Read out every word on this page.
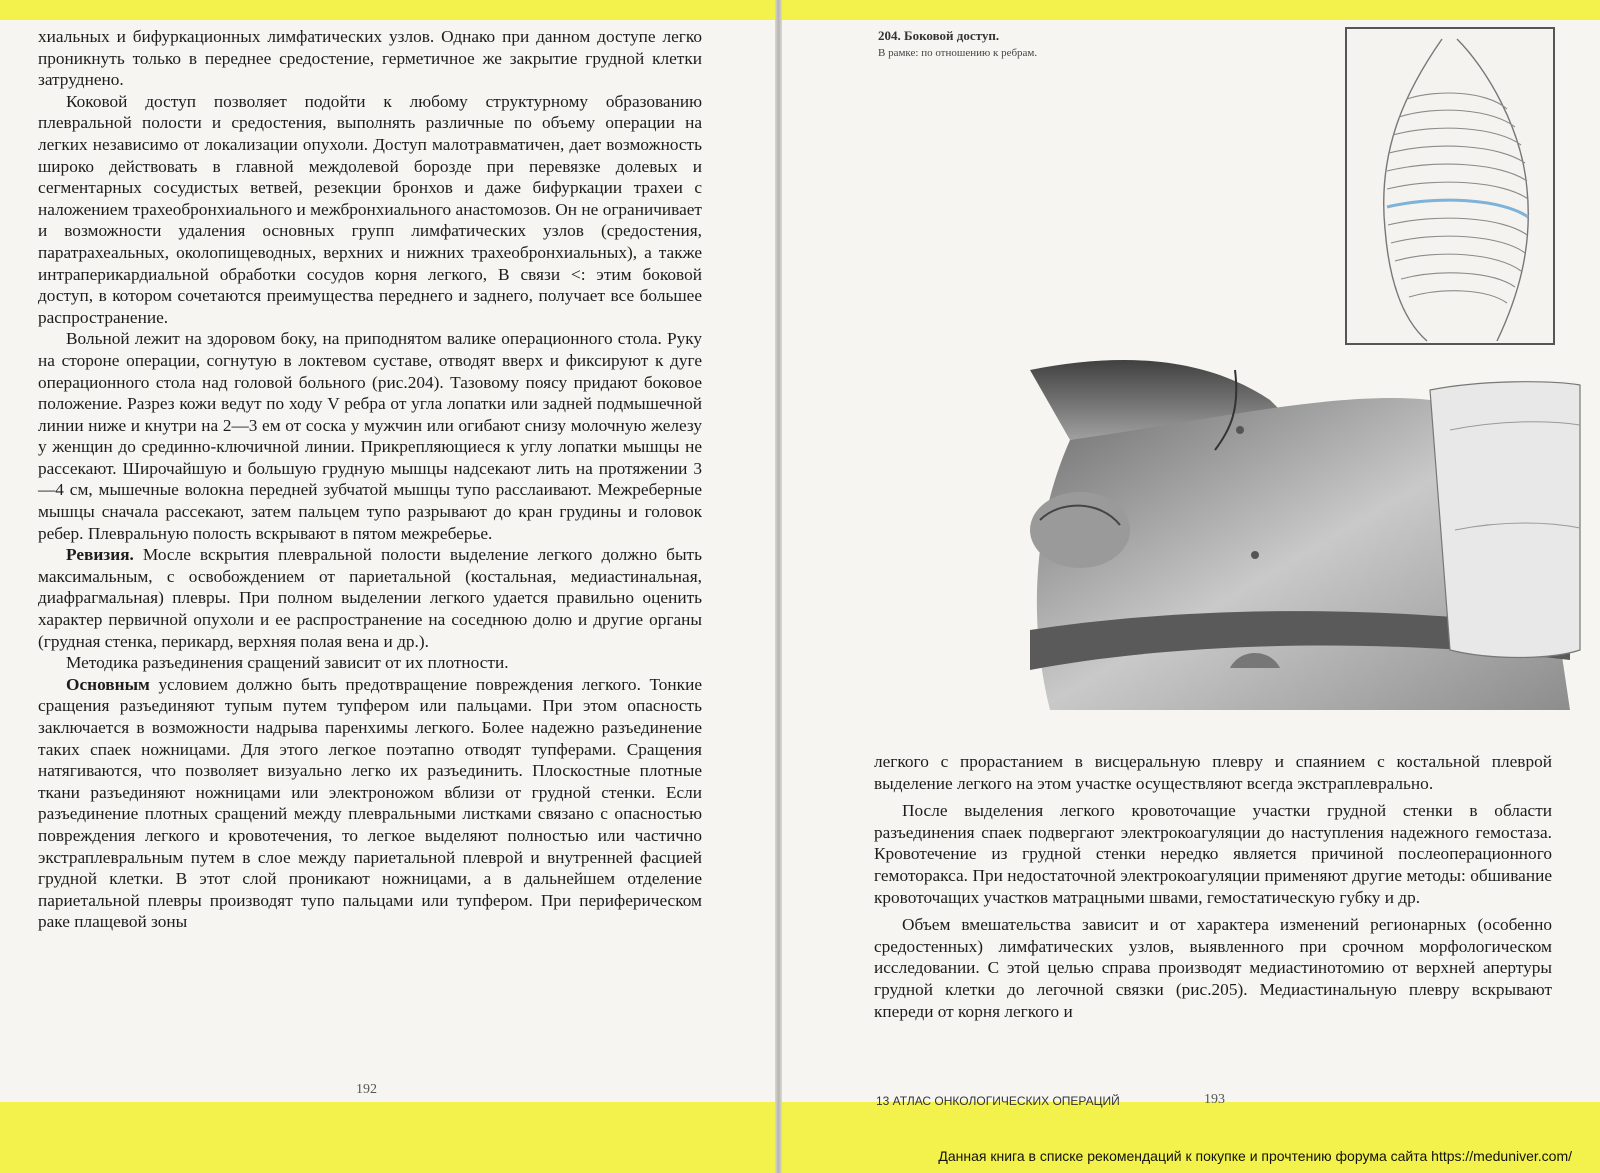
хиальных и бифуркационных лимфатических узлов. Однако при данном доступе легко проникнуть только в переднее средостение, герметичное же закрытие грудной клетки затруднено.

Коковой доступ позволяет подойти к любому структурному образованию плевральной полости и средостения, выполнять различные по объему операции на легких независимо от локализации опухоли. Доступ малотравматичен, дает возможность широко действовать в главной междолевой борозде при перевязке долевых и сегментарных сосудистых ветвей, резекции бронхов и даже бифуркации трахеи с наложением трахеобронхиального и межбронхиального анастомозов. Он не ограничивает и возможности удаления основных групп лимфатических узлов (средостения, паратрахеальных, околопищеводных, верхних и нижних трахеобронхиальных), а также интраперикардиальной обработки сосудов корня легкого, В связи <: этим боковой доступ, в котором сочетаются преимущества переднего и заднего, получает все большее распространение.

Вольной лежит на здоровом боку, на приподнятом валике операционного стола. Руку на стороне операции, согнутую в локтевом суставе, отводят вверх и фиксируют к дуге операционного стола над головой больного (рис.204). Тазовому поясу придают боковое положение. Разрез кожи ведут по ходу V ребра от угла лопатки или задней подмышечной линии ниже и кнутри на 2—3 ем от соска у мужчин или огибают снизу молочную железу у женщин до срединно-ключичной линии. Прикрепляющиеся к углу лопатки мышцы не рассекают. Широчайшую и большую грудную мышцы надсекают лить на протяжении 3—4 см, мышечные волокна передней зубчатой мышцы тупо расслаивают. Межреберные мышцы сначала рассекают, затем пальцем тупо разрывают до кран грудины и головок ребер. Плевральную полость вскрывают в пятом межреберье.

Ревизия. Мосле вскрытия плевральной полости выделение легкого должно быть максимальным, с освобождением от париетальной (костальная, медиастинальная, диафрагмальная) плевры. При полном выделении легкого удается правильно оценить характер первичной опухоли и ее распространение на соседнюю долю и другие органы (грудная стенка, перикард, верхняя полая вена и др.).

Методика разъединения сращений зависит от их плотности.

Основным условием должно быть предотвращение повреждения легкого. Тонкие сращения разъединяют тупым путем тупфером или пальцами. При этом опасность заключается в возможности надрыва паренхимы легкого. Более надежно разъединение таких спаек ножницами. Для этого легкое поэтапно отводят тупферами. Сращения натягиваются, что позволяет визуально легко их разъединить. Плоскостные плотные ткани разъединяют ножницами или электроножом вблизи от грудной стенки. Если разъединение плотных сращений между плевральными листками связано с опасностью повреждения легкого и кровотечения, то легкое выделяют полностью или частично экстраплевральным путем в слое между париетальной плеврой и внутренней фасцией грудной клетки. В этот слой проникают ножницами, а в дальнейшем отделение париетальной плевры производят тупо пальцами или тупфером. При периферическом раке плащевой зоны

192
204. Боковой доступ.
В рамке: по отношению к ребрам.

легкого с прорастанием в висцеральную плевру и спаянием с костальной плеврой выделение легкого на этом участке осуществляют всегда экстраплеврально.

После выделения легкого кровоточащие участки грудной стенки в области разъединения спаек подвергают электрокоагуляции до наступления надежного гемостаза. Кровотечение из грудной стенки нередко является причиной послеоперационного гемоторакса. При недостаточной электрокоагуляции применяют другие методы: обшивание кровоточащих участков матрацными швами, гемостатическую губку и др.

Объем вмешательства зависит и от характера изменений регионарных (особенно средостенных) лимфатических узлов, выявленного при срочном морфологическом исследовании. С этой целью справа производят медиастинотомию от верхней апертуры грудной клетки до легочной связки (рис.205). Медиастинальную плевру вскрывают кпереди от корня легкого и

13 АТЛАС ОНКОЛОГИЧЕСКИХ ОПЕРАЦИЙ	193
Данная книга в списке рекомендаций к покупке и прочтению форума сайта https://meduniver.com/
